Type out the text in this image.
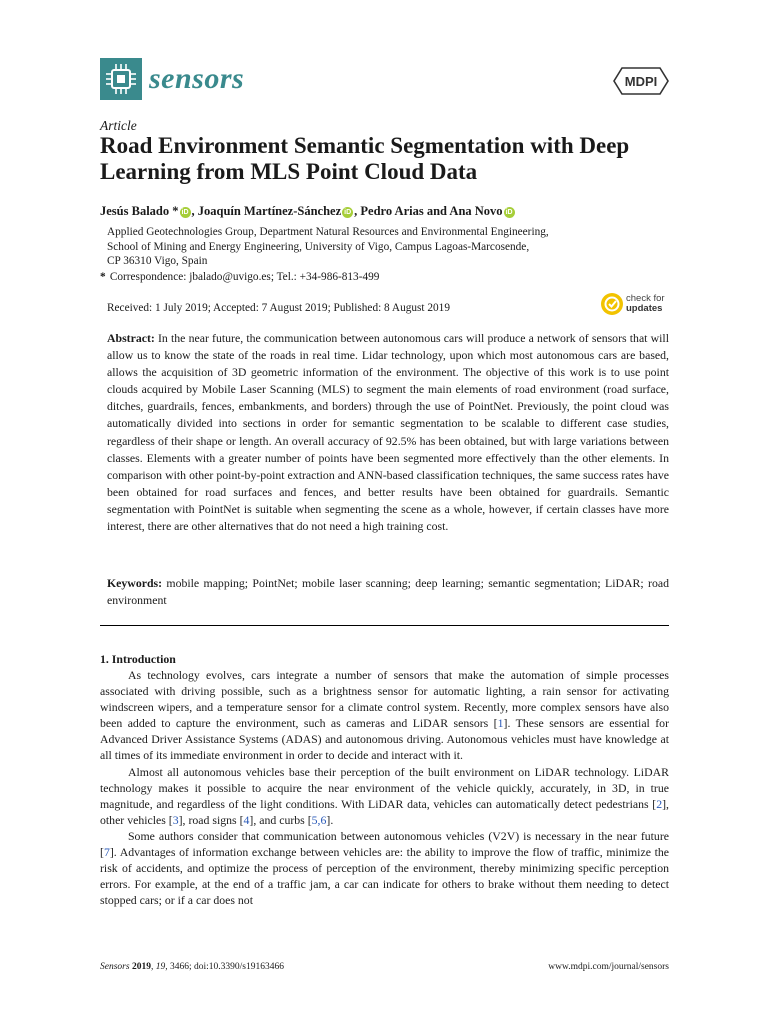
sensors	MDPI
Article
Road Environment Semantic Segmentation with Deep Learning from MLS Point Cloud Data
Jesús Balado * iD , Joaquín Martínez-Sánchez iD , Pedro Arias and Ana Novo iD
Applied Geotechnologies Group, Department Natural Resources and Environmental Engineering,
School of Mining and Energy Engineering, University of Vigo, Campus Lagoas-Marcosende,
CP 36310 Vigo, Spain
* Correspondence: jbalado@uvigo.es; Tel.: +34-986-813-499
Received: 1 July 2019; Accepted: 7 August 2019; Published: 8 August 2019
check for
updates
Abstract: In the near future, the communication between autonomous cars will produce a network of sensors that will allow us to know the state of the roads in real time. Lidar technology, upon which most autonomous cars are based, allows the acquisition of 3D geometric information of the environment. The objective of this work is to use point clouds acquired by Mobile Laser Scanning (MLS) to segment the main elements of road environment (road surface, ditches, guardrails, fences, embankments, and borders) through the use of PointNet. Previously, the point cloud was automatically divided into sections in order for semantic segmentation to be scalable to different case studies, regardless of their shape or length. An overall accuracy of 92.5% has been obtained, but with large variations between classes. Elements with a greater number of points have been segmented more effectively than the other elements. In comparison with other point-by-point extraction and ANN-based classification techniques, the same success rates have been obtained for road surfaces and fences, and better results have been obtained for guardrails. Semantic segmentation with PointNet is suitable when segmenting the scene as a whole, however, if certain classes have more interest, there are other alternatives that do not need a high training cost.
Keywords: mobile mapping; PointNet; mobile laser scanning; deep learning; semantic segmentation; LiDAR; road environment
1. Introduction

As technology evolves, cars integrate a number of sensors that make the automation of simple processes associated with driving possible, such as a brightness sensor for automatic lighting, a rain sensor for activating windscreen wipers, and a temperature sensor for a climate control system. Recently, more complex sensors have also been added to capture the environment, such as cameras and LiDAR sensors [1]. These sensors are essential for Advanced Driver Assistance Systems (ADAS) and autonomous driving. Autonomous vehicles must have knowledge at all times of its immediate environment in order to decide and interact with it.

Almost all autonomous vehicles base their perception of the built environment on LiDAR technology. LiDAR technology makes it possible to acquire the near environment of the vehicle quickly, accurately, in 3D, in true magnitude, and regardless of the light conditions. With LiDAR data, vehicles can automatically detect pedestrians [2], other vehicles [3], road signs [4], and curbs [5,6].

Some authors consider that communication between autonomous vehicles (V2V) is necessary in the near future [7]. Advantages of information exchange between vehicles are: the ability to improve the flow of traffic, minimize the risk of accidents, and optimize the process of perception of the environment, thereby minimizing specific perception errors. For example, at the end of a traffic jam, a car can indicate for others to brake without them needing to detect stopped cars; or if a car does not

Sensors 2019, 19, 3466; doi:10.3390/s19163466	www.mdpi.com/journal/sensors
